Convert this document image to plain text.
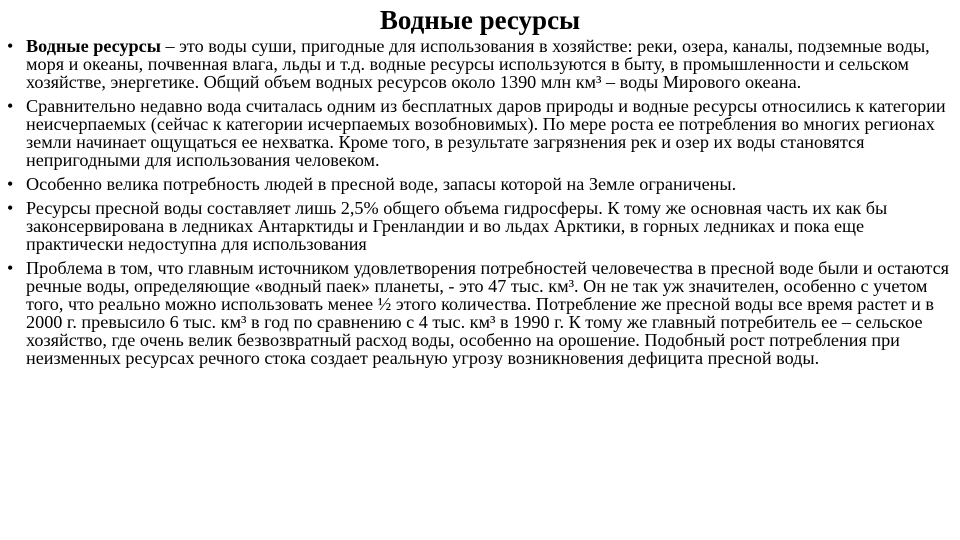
Водные ресурсы
• Водные ресурсы – это воды суши, пригодные для использования в хозяйстве: реки, озера, каналы, подземные воды, моря и океаны, почвенная влага, льды и т.д. водные ресурсы используются в быту, в промышленности и сельском хозяйстве, энергетике. Общий объем водных ресурсов около 1390 млн км³ – воды Мирового океана.
• Сравнительно недавно вода считалась одним из бесплатных даров природы и водные ресурсы относились к категории неисчерпаемых (сейчас к категории исчерпаемых возобновимых). По мере роста ее потребления во многих регионах земли начинает ощущаться ее нехватка. Кроме того, в результате загрязнения рек и озер их воды становятся непригодными для использования человеком.
• Особенно велика потребность людей в пресной воде, запасы которой на Земле ограничены.
• Ресурсы пресной воды составляет лишь 2,5% общего объема гидросферы. К тому же основная часть их как бы законсервирована в ледниках Антарктиды и Гренландии и во льдах Арктики, в горных ледниках и пока еще практически недоступна для использования
• Проблема в том, что главным источником удовлетворения потребностей человечества в пресной воде были и остаются речные воды, определяющие «водный паек» планеты, - это 47 тыс. км³. Он не так уж значителен, особенно с учетом того, что реально можно использовать менее ½ этого количества. Потребление же пресной воды все время растет и в 2000 г. превысило 6 тыс. км³ в год по сравнению с 4 тыс. км³ в 1990 г. К тому же главный потребитель ее – сельское хозяйство, где очень велик безвозвратный расход воды, особенно на орошение. Подобный рост потребления при неизменных ресурсах речного стока создает реальную угрозу возникновения дефицита пресной воды.
